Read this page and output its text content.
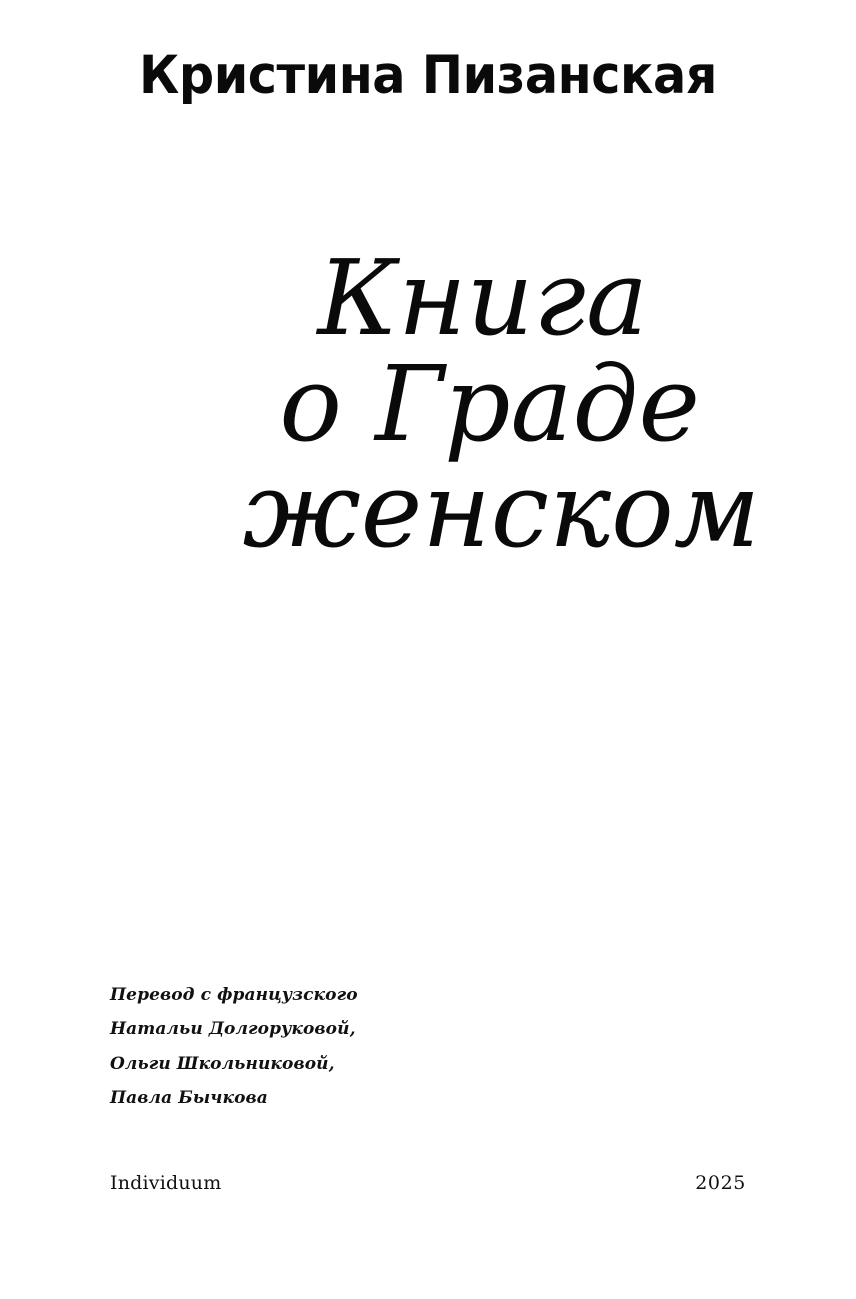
Кристина Пизанская
Книга
о Граде
женском
Перевод с французского
Натальи Долгоруковой,
Ольги Школьниковой,
Павла Бычкова
Individuum	2025
